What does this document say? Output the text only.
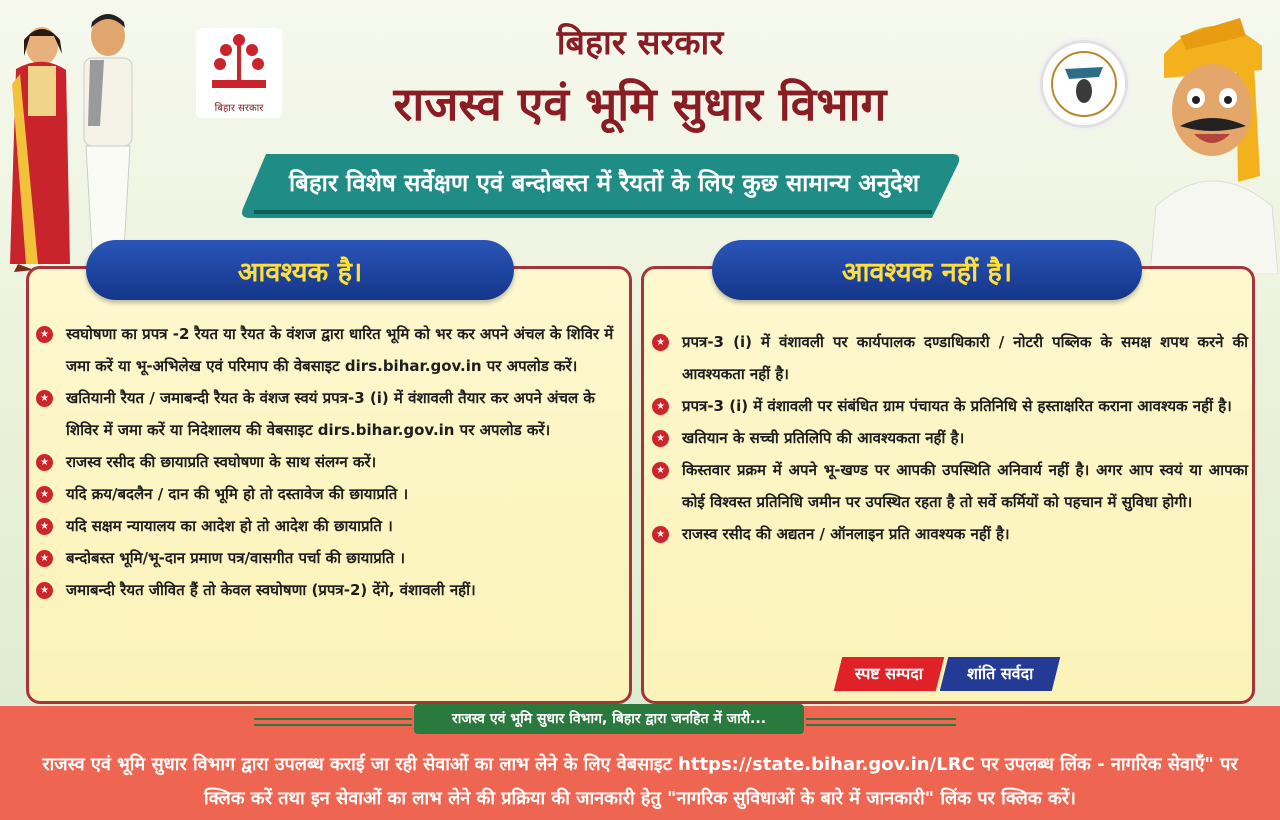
बिहार सरकार
बिहार सरकार
राजस्व एवं भूमि सुधार विभाग
बिहार विशेष सर्वेक्षण एवं बन्दोबस्त में रैयतों के लिए कुछ सामान्य अनुदेश
आवश्यक है।	आवश्यक नहीं है।
★ स्वघोषणा का प्रपत्र -2 रैयत या रैयत के वंशज द्वारा धारित भूमि को भर कर अपने अंचल के शिविर में जमा करें या भू-अभिलेख एवं परिमाप की वेबसाइट dirs.bihar.gov.in पर अपलोड करें।
★ खतियानी रैयत / जमाबन्दी रैयत के वंशज स्वयं प्रपत्र-3 (i) में वंशावली तैयार कर अपने अंचल के शिविर में जमा करें या निदेशालय की वेबसाइट dirs.bihar.gov.in पर अपलोड करें।
★ राजस्व रसीद की छायाप्रति स्वघोषणा के साथ संलग्न करें।
★ यदि क्रय/बदलैन / दान की भूमि हो तो दस्तावेज की छायाप्रति ।
★ यदि सक्षम न्यायालय का आदेश हो तो आदेश की छायाप्रति ।
★ बन्दोबस्त भूमि/भू-दान प्रमाण पत्र/वासगीत पर्चा की छायाप्रति ।
★ जमाबन्दी रैयत जीवित हैं तो केवल स्वघोषणा (प्रपत्र-2) देंगे, वंशावली नहीं।
★ प्रपत्र-3 (i) में वंशावली पर कार्यपालक दण्डाधिकारी / नोटरी पब्लिक के समक्ष शपथ करने की आवश्यकता नहीं है।
★ प्रपत्र-3 (i) में वंशावली पर संबंधित ग्राम पंचायत के प्रतिनिधि से हस्ताक्षरित कराना आवश्यक नहीं है।
★ खतियान के सच्ची प्रतिलिपि की आवश्यकता नहीं है।
★ किस्तवार प्रक्रम में अपने भू-खण्ड पर आपकी उपस्थिति अनिवार्य नहीं है। अगर आप स्वयं या आपका कोई विश्वस्त प्रतिनिधि जमीन पर उपस्थित रहता है तो सर्वे कर्मियों को पहचान में सुविधा होगी।
★ राजस्व रसीद की अद्यतन / ऑनलाइन प्रति आवश्यक नहीं है।
स्पष्ट सम्पदा	शांति सर्वदा
राजस्व एवं भूमि सुधार विभाग, बिहार द्वारा जनहित में जारी...
राजस्व एवं भूमि सुधार विभाग द्वारा उपलब्ध कराई जा रही सेवाओं का लाभ लेने के लिए वेबसाइट https://state.bihar.gov.in/LRC पर उपलब्ध लिंक - नागरिक सेवाएँ" पर क्लिक करें तथा इन सेवाओं का लाभ लेने की प्रक्रिया की जानकारी हेतु "नागरिक सुविधाओं के बारे में जानकारी" लिंक पर क्लिक करें।
